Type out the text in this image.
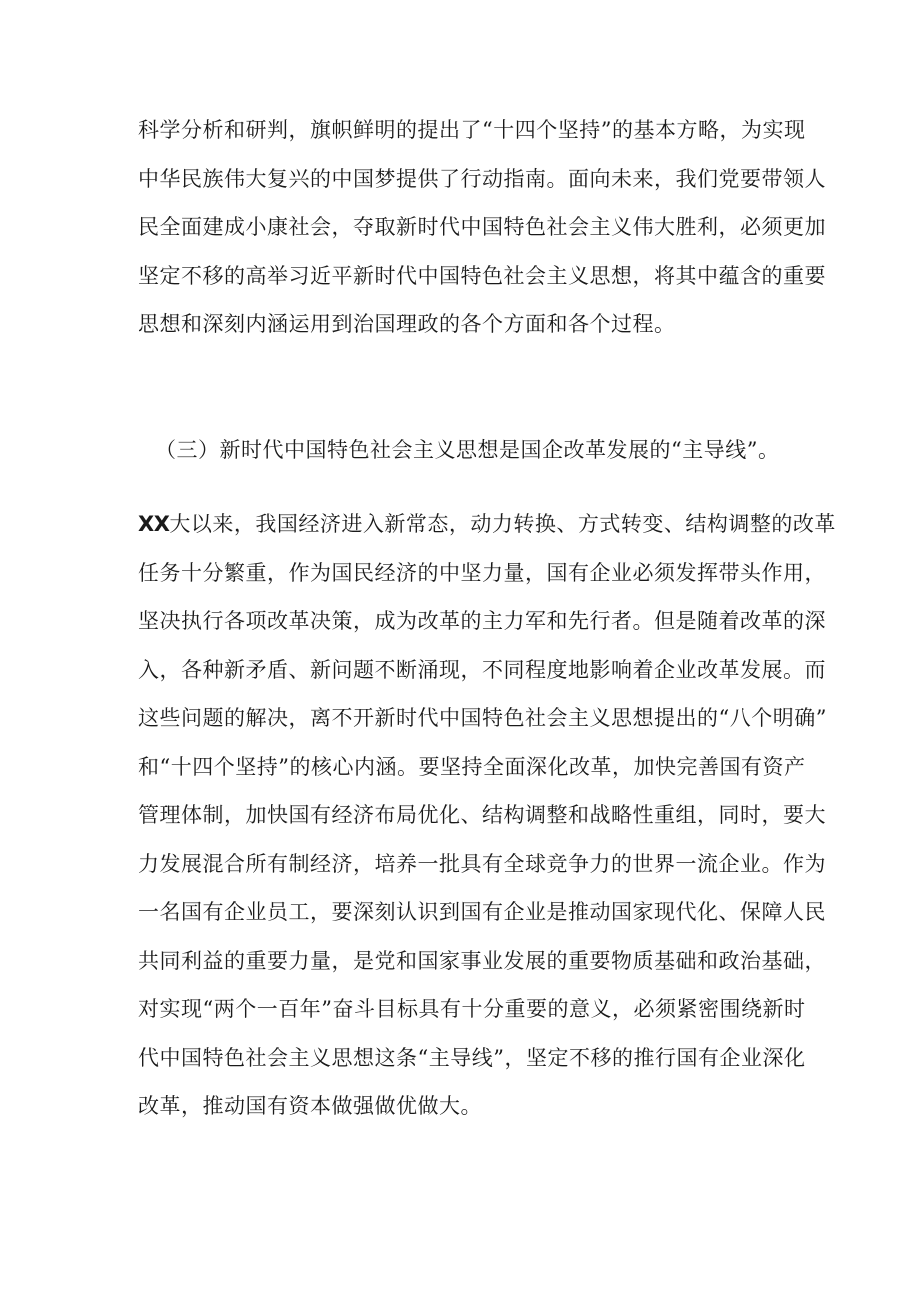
科学分析和研判，旗帜鲜明的提出了“十四个坚持”的基本方略，为实现
中华民族伟大复兴的中国梦提供了行动指南。面向未来，我们党要带领人
民全面建成小康社会，夺取新时代中国特色社会主义伟大胜利，必须更加
坚定不移的高举习近平新时代中国特色社会主义思想，将其中蕴含的重要
思想和深刻内涵运用到治国理政的各个方面和各个过程。
（三）新时代中国特色社会主义思想是国企改革发展的“主导线”。
XX大以来，我国经济进入新常态，动力转换、方式转变、结构调整的改革
任务十分繁重，作为国民经济的中坚力量，国有企业必须发挥带头作用，
坚决执行各项改革决策，成为改革的主力军和先行者。但是随着改革的深
入，各种新矛盾、新问题不断涌现，不同程度地影响着企业改革发展。而
这些问题的解决，离不开新时代中国特色社会主义思想提出的“八个明确”
和“十四个坚持”的核心内涵。要坚持全面深化改革，加快完善国有资产
管理体制，加快国有经济布局优化、结构调整和战略性重组，同时，要大
力发展混合所有制经济，培养一批具有全球竞争力的世界一流企业。作为
一名国有企业员工，要深刻认识到国有企业是推动国家现代化、保障人民
共同利益的重要力量，是党和国家事业发展的重要物质基础和政治基础，
对实现“两个一百年”奋斗目标具有十分重要的意义，必须紧密围绕新时
代中国特色社会主义思想这条“主导线”，坚定不移的推行国有企业深化
改革，推动国有资本做强做优做大。
